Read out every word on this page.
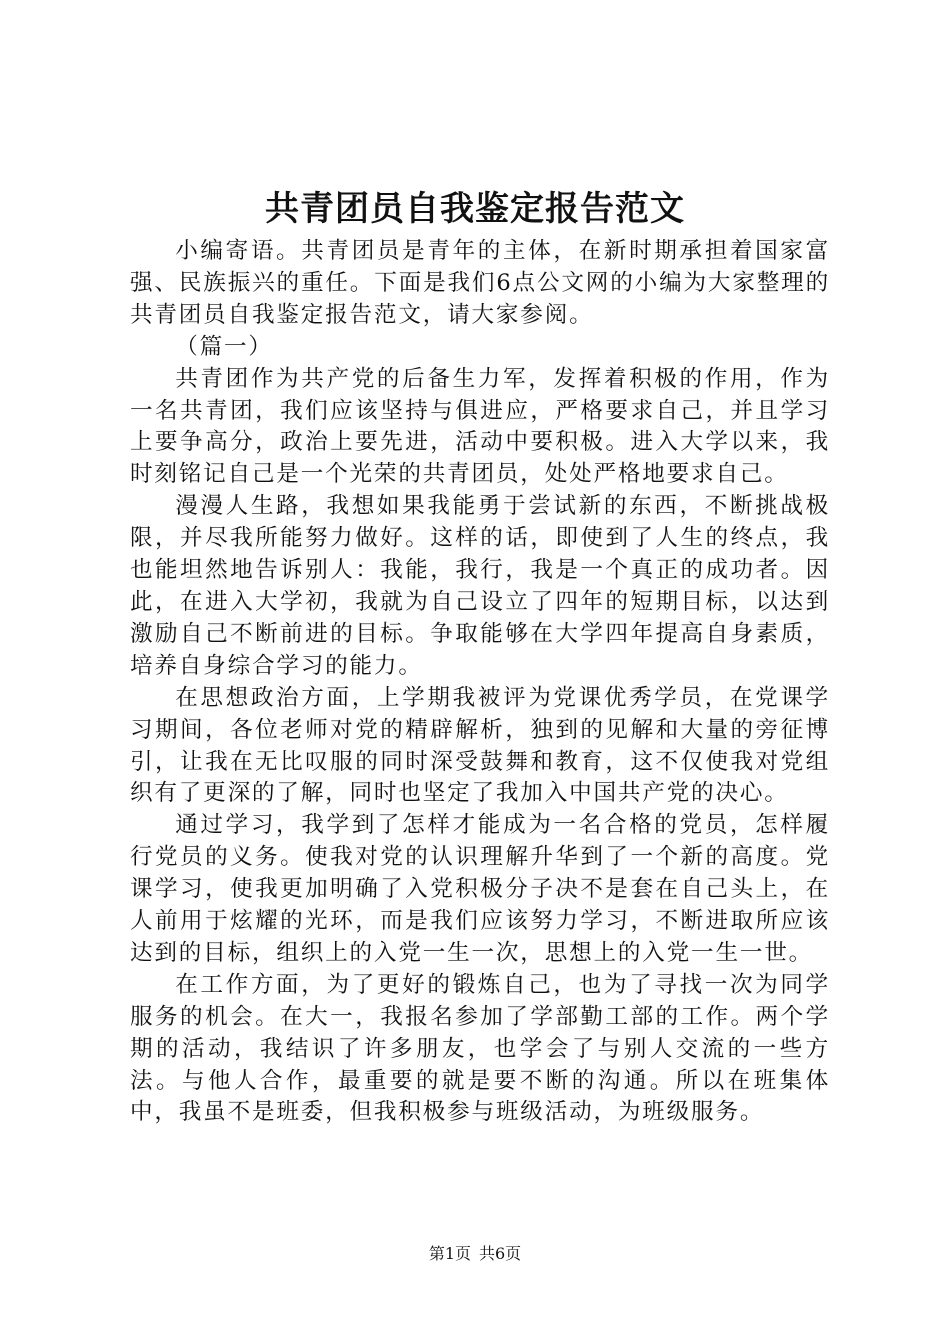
共青团员自我鉴定报告范文

小编寄语。共青团员是青年的主体，在新时期承担着国家富强、民族振兴的重任。下面是我们6点公文网的小编为大家整理的共青团员自我鉴定报告范文，请大家参阅。

（篇一）

共青团作为共产党的后备生力军，发挥着积极的作用，作为一名共青团，我们应该坚持与俱进应，严格要求自己，并且学习上要争高分，政治上要先进，活动中要积极。进入大学以来，我时刻铭记自己是一个光荣的共青团员，处处严格地要求自己。

漫漫人生路，我想如果我能勇于尝试新的东西，不断挑战极限，并尽我所能努力做好。这样的话，即使到了人生的终点，我也能坦然地告诉别人：我能，我行，我是一个真正的成功者。因此，在进入大学初，我就为自己设立了四年的短期目标，以达到激励自己不断前进的目标。争取能够在大学四年提高自身素质，培养自身综合学习的能力。

在思想政治方面，上学期我被评为党课优秀学员，在党课学习期间，各位老师对党的精辟解析，独到的见解和大量的旁征博引，让我在无比叹服的同时深受鼓舞和教育，这不仅使我对党组织有了更深的了解，同时也坚定了我加入中国共产党的决心。

通过学习，我学到了怎样才能成为一名合格的党员，怎样履行党员的义务。使我对党的认识理解升华到了一个新的高度。党课学习，使我更加明确了入党积极分子决不是套在自己头上，在人前用于炫耀的光环，而是我们应该努力学习，不断进取所应该达到的目标，组织上的入党一生一次，思想上的入党一生一世。

在工作方面，为了更好的锻炼自己，也为了寻找一次为同学服务的机会。在大一，我报名参加了学部勤工部的工作。两个学期的活动，我结识了许多朋友，也学会了与别人交流的一些方法。与他人合作，最重要的就是要不断的沟通。所以在班集体中，我虽不是班委，但我积极参与班级活动，为班级服务。

第1页 共6页
